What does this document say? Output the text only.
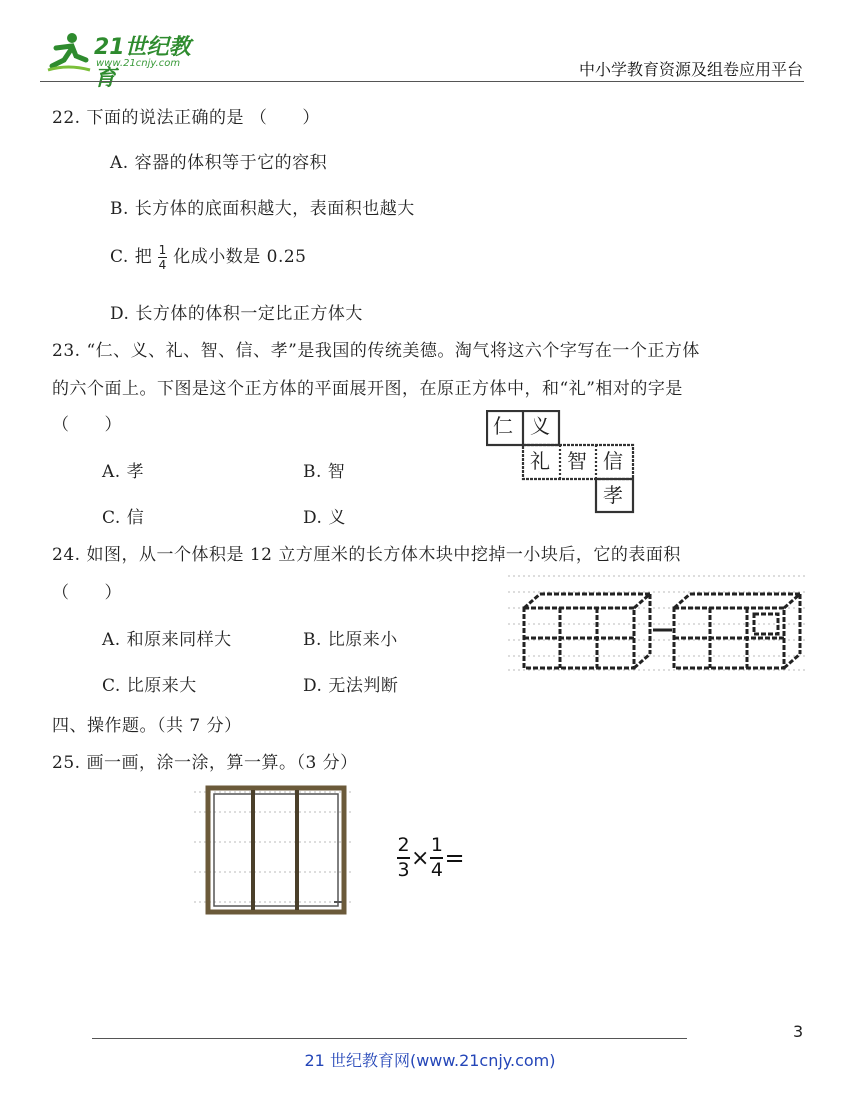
21世纪教育
www.21cnjy.com	中小学教育资源及组卷应用平台
22. 下面的说法正确的是 （　　）
A. 容器的体积等于它的容积
B. 长方体的底面积越大，表面积也越大
C. 把 $\frac{1}{4}$ 化成小数是 0.25
D. 长方体的体积一定比正方体大
23. “仁、义、礼、智、信、孝”是我国的传统美德。淘气将这六个字写在一个正方体
的六个面上。下图是这个正方体的平面展开图，在原正方体中，和“礼”相对的字是
（　　）
A. 孝	B. 智
C. 信	D. 义
仁 义
礼 智 信
孝
24. 如图，从一个体积是 12 立方厘米的长方体木块中挖掉一小块后，它的表面积
（　　）
A. 和原来同样大	B. 比原来小
C. 比原来大	D. 无法判断
四、操作题。（共 7 分）
25. 画一画，涂一涂，算一算。（3 分）
$\frac{2}{3} \times \frac{1}{4}$ =
3
21 世纪教育网(www.21cnjy.com)
